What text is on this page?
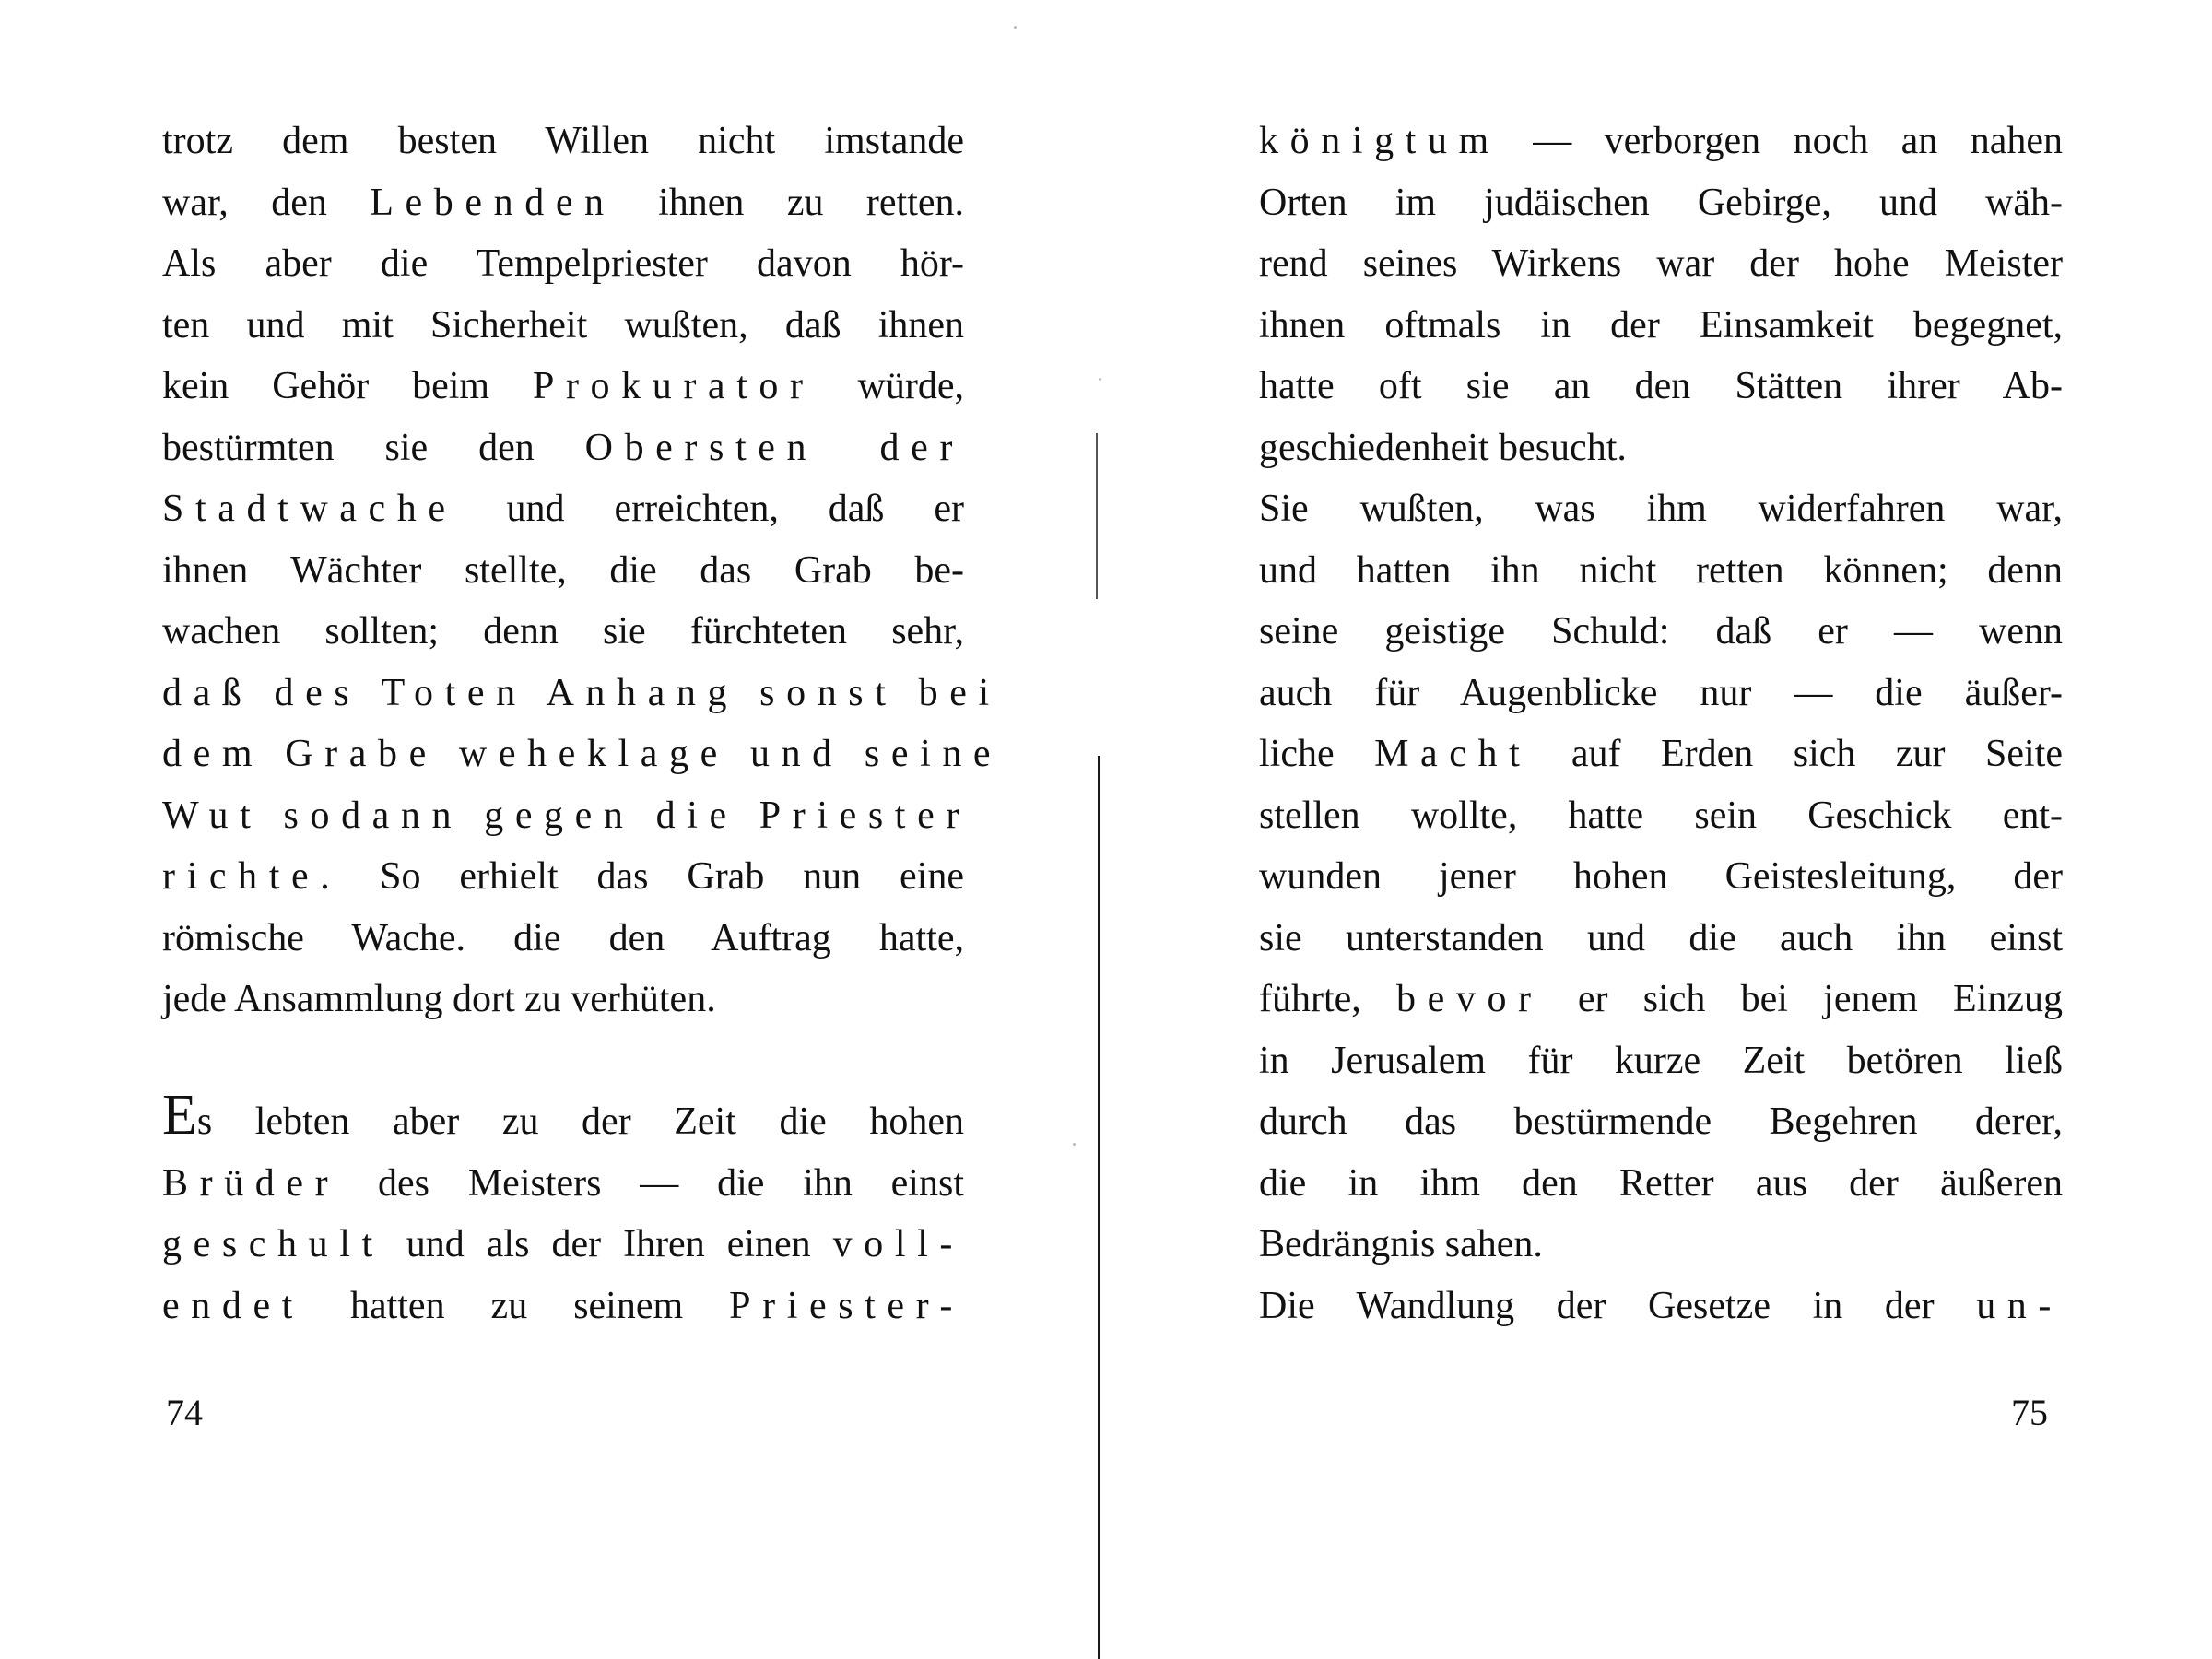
trotz dem besten Willen nicht imstande
war, den Lebenden ihnen zu retten.
Als aber die Tempelpriester davon hör-
ten und mit Sicherheit wußten, daß ihnen
kein Gehör beim Prokurator würde,
bestürmten sie den Obersten der
Stadtwache und erreichten, daß er
ihnen Wächter stellte, die das Grab be-
wachen sollten; denn sie fürchteten sehr,
daß des Toten Anhang sonst bei
dem Grabe weheklage und seine
Wut sodann gegen die Priester
richte. So erhielt das Grab nun eine
römische Wache. die den Auftrag hatte,
jede Ansammlung dort zu verhüten.
Es lebten aber zu der Zeit die hohen
Brüder des Meisters — die ihn einst
geschult und als der Ihren einen voll-
endet hatten zu seinem Priester-
74
königtum — verborgen noch an nahen
Orten im judäischen Gebirge, und wäh-
rend seines Wirkens war der hohe Meister
ihnen oftmals in der Einsamkeit begegnet,
hatte oft sie an den Stätten ihrer Ab-
geschiedenheit besucht.
Sie wußten, was ihm widerfahren war,
und hatten ihn nicht retten können; denn
seine geistige Schuld: daß er — wenn
auch für Augenblicke nur — die äußer-
liche Macht auf Erden sich zur Seite
stellen wollte, hatte sein Geschick ent-
wunden jener hohen Geistesleitung, der
sie unterstanden und die auch ihn einst
führte, bevor er sich bei jenem Einzug
in Jerusalem für kurze Zeit betören ließ
durch das bestürmende Begehren derer,
die in ihm den Retter aus der äußeren
Bedrängnis sahen.
Die Wandlung der Gesetze in der un-
75
